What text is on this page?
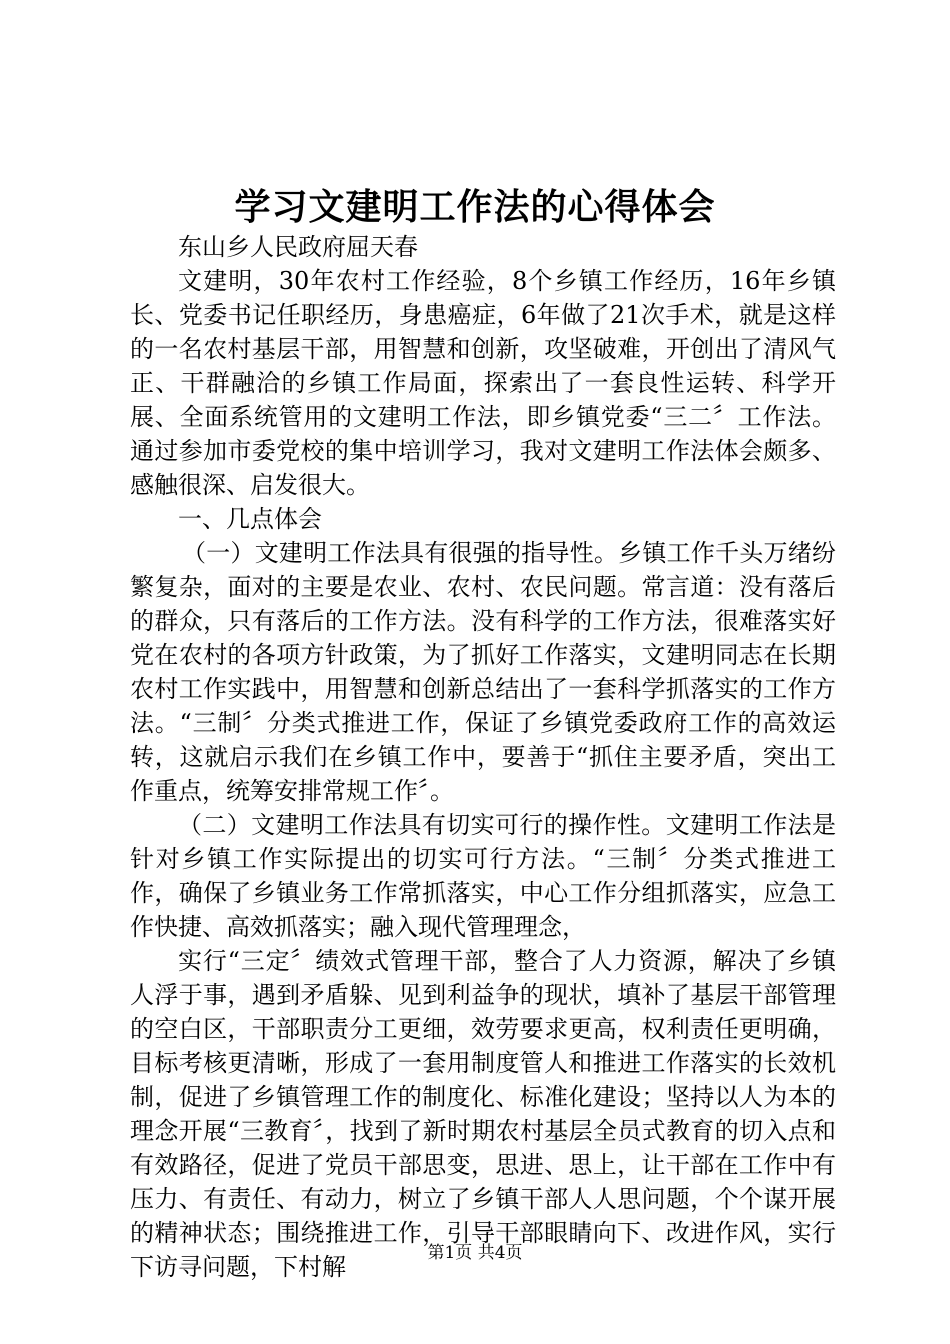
学习文建明工作法的心得体会

东山乡人民政府屈天春

文建明，30年农村工作经验，8个乡镇工作经历，16年乡镇长、党委书记任职经历，身患癌症，6年做了21次手术，就是这样的一名农村基层干部，用智慧和创新，攻坚破难，开创出了清风气正、干群融洽的乡镇工作局面，探索出了一套良性运转、科学开展、全面系统管用的文建明工作法，即乡镇党委“三二〞工作法。通过参加市委党校的集中培训学习，我对文建明工作法体会颇多、感触很深、启发很大。

一、几点体会

（一）文建明工作法具有很强的指导性。乡镇工作千头万绪纷繁复杂，面对的主要是农业、农村、农民问题。常言道：没有落后的群众，只有落后的工作方法。没有科学的工作方法，很难落实好党在农村的各项方针政策，为了抓好工作落实，文建明同志在长期农村工作实践中，用智慧和创新总结出了一套科学抓落实的工作方法。“三制〞分类式推进工作，保证了乡镇党委政府工作的高效运转，这就启示我们在乡镇工作中，要善于“抓住主要矛盾，突出工作重点，统筹安排常规工作〞。

（二）文建明工作法具有切实可行的操作性。文建明工作法是针对乡镇工作实际提出的切实可行方法。“三制〞分类式推进工作，确保了乡镇业务工作常抓落实，中心工作分组抓落实，应急工作快捷、高效抓落实；融入现代管理理念，

实行“三定〞绩效式管理干部，整合了人力资源，解决了乡镇人浮于事，遇到矛盾躲、见到利益争的现状，填补了基层干部管理的空白区，干部职责分工更细，效劳要求更高，权利责任更明确，目标考核更清晰，形成了一套用制度管人和推进工作落实的长效机制，促进了乡镇管理工作的制度化、标准化建设；坚持以人为本的理念开展“三教育〞，找到了新时期农村基层全员式教育的切入点和有效路径，促进了党员干部思变，思进、思上，让干部在工作中有压力、有责任、有动力，树立了乡镇干部人人思问题，个个谋开展的精神状态；围绕推进工作，引导干部眼睛向下、改进作风，实行下访寻问题，下村解	第1页 共4页
